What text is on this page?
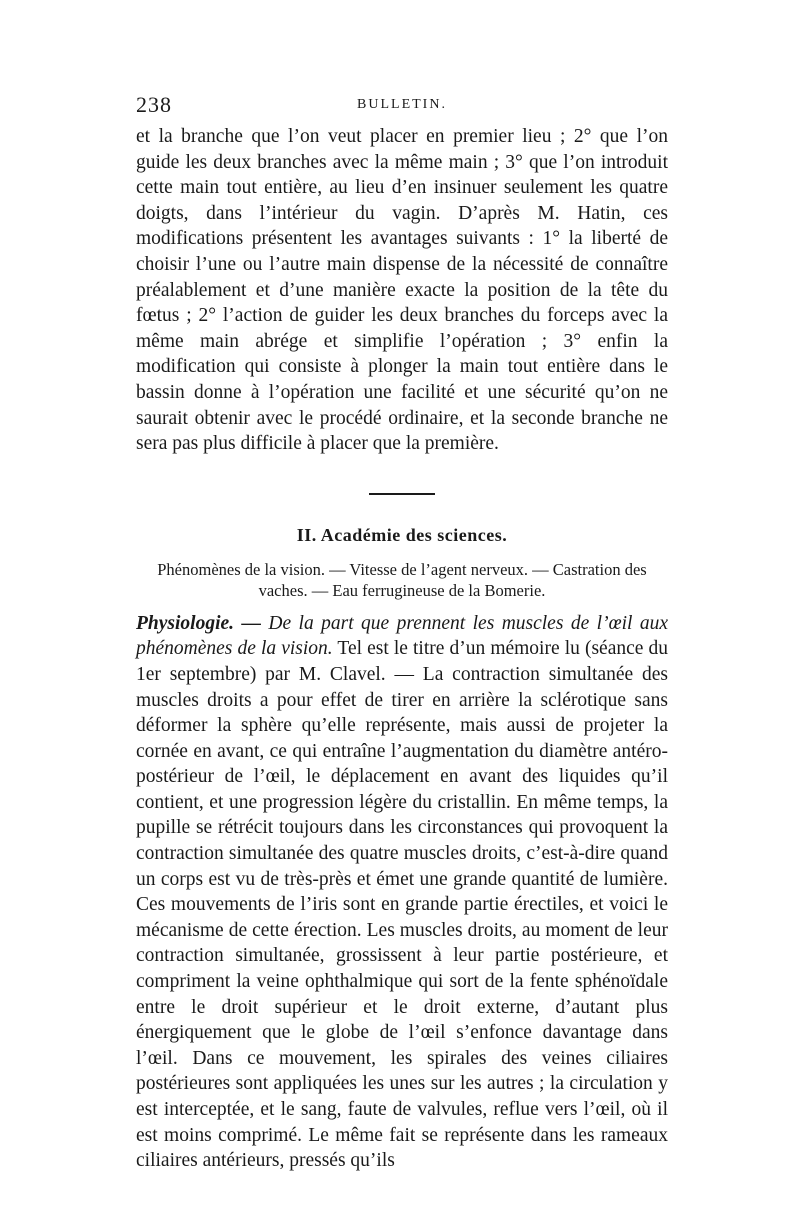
238	BULLETIN.

et la branche que l’on veut placer en premier lieu ; 2° que l’on guide les deux branches avec la même main ; 3° que l’on introduit cette main tout entière, au lieu d’en insinuer seulement les quatre doigts, dans l’intérieur du vagin. D’après M. Hatin, ces modifications présentent les avantages suivants : 1° la liberté de choisir l’une ou l’autre main dispense de la nécessité de connaître préalablement et d’une manière exacte la position de la tête du fœtus ; 2° l’action de guider les deux branches du forceps avec la même main abrége et simplifie l’opération ; 3° enfin la modification qui consiste à plonger la main tout entière dans le bassin donne à l’opération une facilité et une sécurité qu’on ne saurait obtenir avec le procédé ordinaire, et la seconde branche ne sera pas plus difficile à placer que la première.

II. Académie des sciences.
Phénomènes de la vision. — Vitesse de l’agent nerveux. — Castration des
vaches. — Eau ferrugineuse de la Bomerie.

Physiologie. — De la part que prennent les muscles de l’œil aux phénomènes de la vision. Tel est le titre d’un mémoire lu (séance du 1er septembre) par M. Clavel. — La contraction simultanée des muscles droits a pour effet de tirer en arrière la sclérotique sans déformer la sphère qu’elle représente, mais aussi de projeter la cornée en avant, ce qui entraîne l’augmentation du diamètre antéro-postérieur de l’œil, le déplacement en avant des liquides qu’il contient, et une progression légère du cristallin. En même temps, la pupille se rétrécit toujours dans les circonstances qui provoquent la contraction simultanée des quatre muscles droits, c’est-à-dire quand un corps est vu de très-près et émet une grande quantité de lumière. Ces mouvements de l’iris sont en grande partie érectiles, et voici le mécanisme de cette érection. Les muscles droits, au moment de leur contraction simultanée, grossissent à leur partie postérieure, et compriment la veine ophthalmique qui sort de la fente sphénoïdale entre le droit supérieur et le droit externe, d’autant plus énergiquement que le globe de l’œil s’enfonce davantage dans l’œil. Dans ce mouvement, les spirales des veines ciliaires postérieures sont appliquées les unes sur les autres ; la circulation y est interceptée, et le sang, faute de valvules, reflue vers l’œil, où il est moins comprimé. Le même fait se représente dans les rameaux ciliaires antérieurs, pressés qu’ils
